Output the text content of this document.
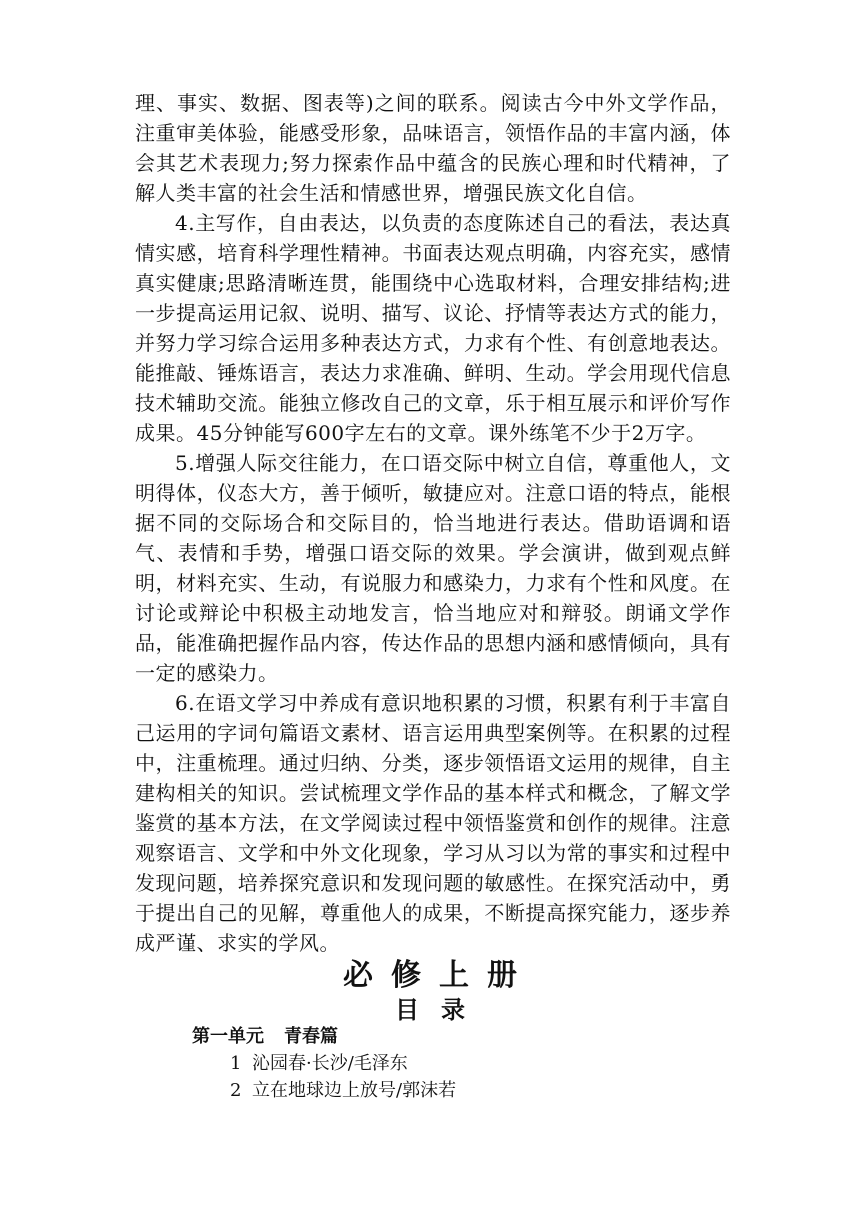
理、事实、数据、图表等)之间的联系。阅读古今中外文学作品，注重审美体验，能感受形象，品味语言，领悟作品的丰富内涵，体会其艺术表现力;努力探索作品中蕴含的民族心理和时代精神，了解人类丰富的社会生活和情感世界，增强民族文化自信。

4.主写作，自由表达，以负责的态度陈述自己的看法，表达真情实感，培育科学理性精神。书面表达观点明确，内容充实，感情真实健康;思路清晰连贯，能围绕中心选取材料，合理安排结构;进一步提高运用记叙、说明、描写、议论、抒情等表达方式的能力，并努力学习综合运用多种表达方式，力求有个性、有创意地表达。能推敲、锤炼语言，表达力求准确、鲜明、生动。学会用现代信息技术辅助交流。能独立修改自己的文章，乐于相互展示和评价写作成果。45分钟能写600字左右的文章。课外练笔不少于2万字。

5.增强人际交往能力，在口语交际中树立自信，尊重他人，文明得体，仪态大方，善于倾听，敏捷应对。注意口语的特点，能根据不同的交际场合和交际目的，恰当地进行表达。借助语调和语气、表情和手势，增强口语交际的效果。学会演讲，做到观点鲜明，材料充实、生动，有说服力和感染力，力求有个性和风度。在讨论或辩论中积极主动地发言，恰当地应对和辩驳。朗诵文学作品，能准确把握作品内容，传达作品的思想内涵和感情倾向，具有一定的感染力。

6.在语文学习中养成有意识地积累的习惯，积累有利于丰富自己运用的字词句篇语文素材、语言运用典型案例等。在积累的过程中，注重梳理。通过归纳、分类，逐步领悟语文运用的规律，自主建构相关的知识。尝试梳理文学作品的基本样式和概念，了解文学鉴赏的基本方法，在文学阅读过程中领悟鉴赏和创作的规律。注意观察语言、文学和中外文化现象，学习从习以为常的事实和过程中发现问题，培养探究意识和发现问题的敏感性。在探究活动中，勇于提出自己的见解，尊重他人的成果，不断提高探究能力，逐步养成严谨、求实的学风。

必修上册
目录
第一单元 青春篇
1 沁园春·长沙/毛泽东
2 立在地球边上放号/郭沫若
